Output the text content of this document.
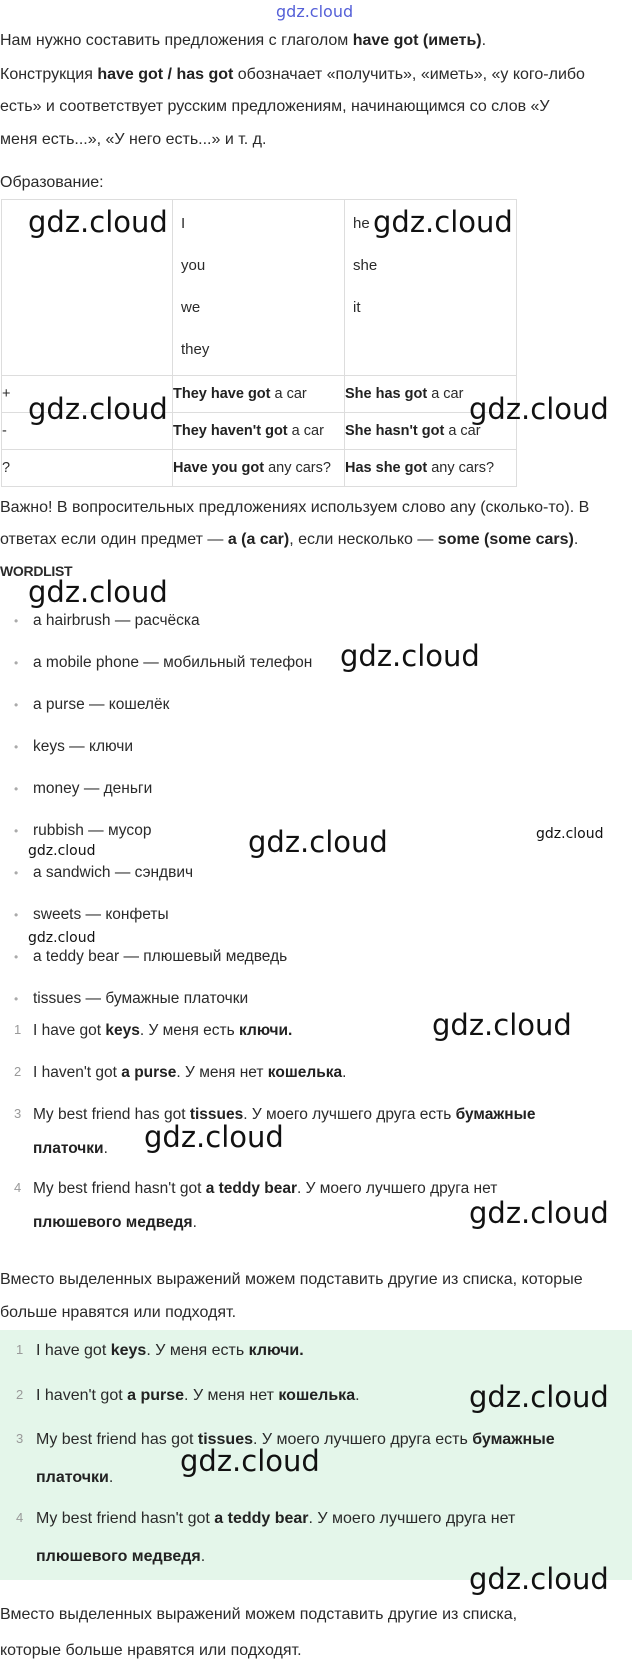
gdz.cloud

Нам нужно составить предложения с глаголом have got (иметь).

Конструкция have got / has got обозначает «получить», «иметь», «у кого-либо

есть» и соответствует русским предложениям, начинающимся со слов «У

меня есть...», «У него есть...» и т. д.

Образование:

	I
you
we
they	he
she
it

+	They have got a car	She has got a car
-	They haven't got a car	She hasn't got a car
?	Have you got any cars?	Has she got any cars?

Важно! В вопросительных предложениях используем слово any (сколько-то). В

ответах если один предмет — a (a car), если несколько — some (some cars).

WORDLIST
• a hairbrush — расчёска
• a mobile phone — мобильный телефон
• a purse — кошелёк
• keys — ключи
• money — деньги
• rubbish — мусор
• a sandwich — сэндвич
• sweets — конфеты
• a teddy bear — плюшевый медведь
• tissues — бумажные платочки
1 I have got keys. У меня есть ключи.
2 I haven't got a purse. У меня нет кошелька.
3 My best friend has got tissues. У моего лучшего друга есть бумажные
платочки.
4 My best friend hasn't got a teddy bear. У моего лучшего друга нет
плюшевого медведя.

Вместо выделенных выражений можем подставить другие из списка, которые

больше нравятся или подходят.

1 I have got keys. У меня есть ключи.
2 I haven't got a purse. У меня нет кошелька.
3 My best friend has got tissues. У моего лучшего друга есть бумажные
платочки.
4 My best friend hasn't got a teddy bear. У моего лучшего друга нет
плюшевого медведя.

Вместо выделенных выражений можем подставить другие из списка,

которые больше нравятся или подходят.

gdz.cloud	gdz.cloud
gdz.cloud	gdz.cloud
gdz.cloud
gdz.cloud
gdz.cloud	gdz.cloud
gdz.cloud
gdz.cloud
gdz.cloud
gdz.cloud
gdz.cloud
gdz.cloud
gdz.cloud
gdz.cloud
